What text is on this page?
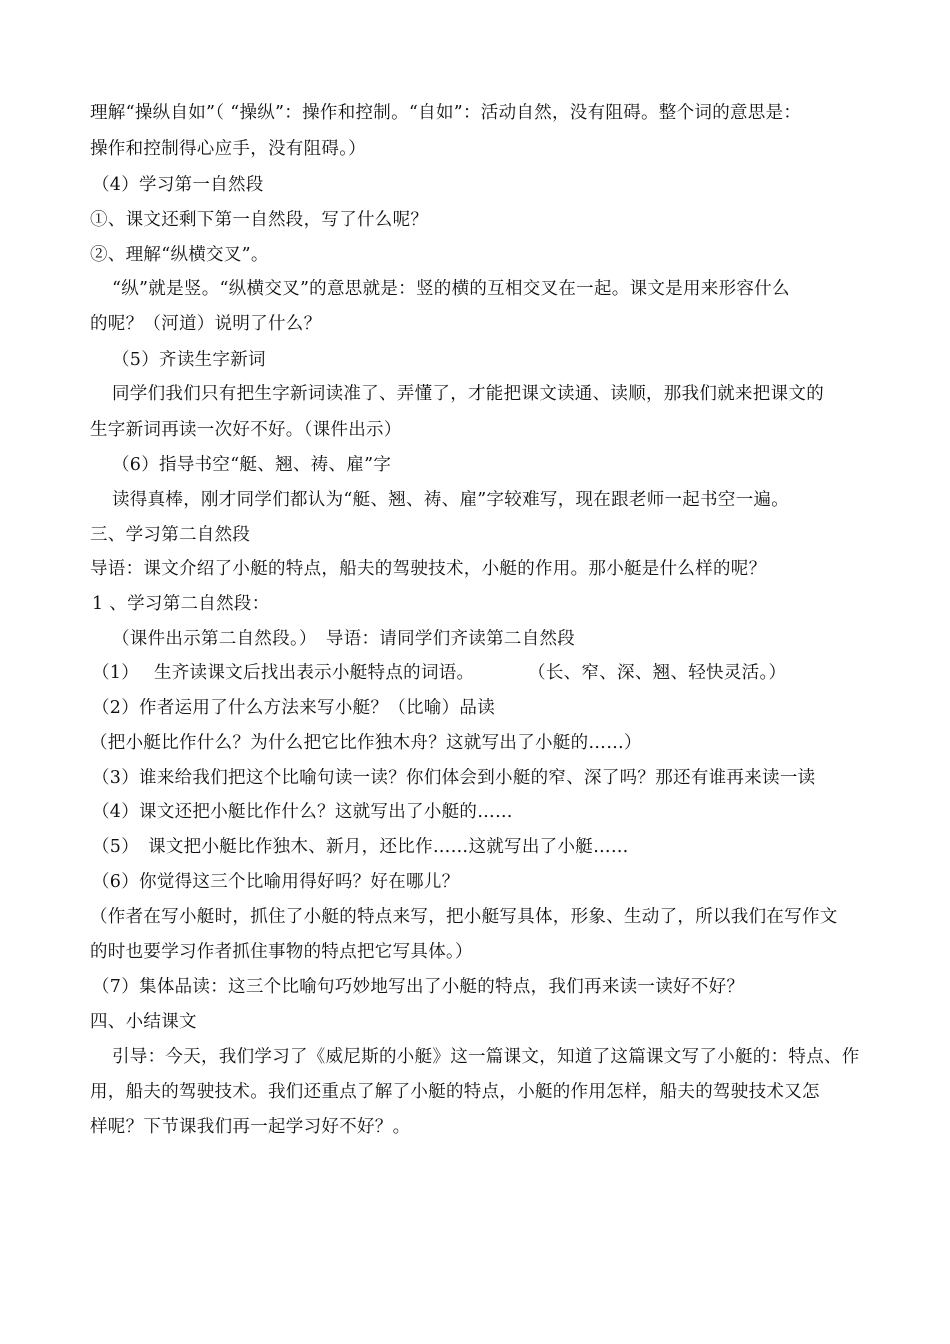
理解“操纵自如”（ “操纵”：操作和控制。“自如”：活动自然，没有阻碍。整个词的意思是：
操作和控制得心应手，没有阻碍。）
（4）学习第一自然段
①、课文还剩下第一自然段，写了什么呢？
②、理解“纵横交叉”。
“纵”就是竖。“纵横交叉”的意思就是：竖的横的互相交叉在一起。课文是用来形容什么
的呢？（河道）说明了什么？
（5）齐读生字新词
同学们我们只有把生字新词读准了、弄懂了，才能把课文读通、读顺，那我们就来把课文的
生字新词再读一次好不好。（课件出示）
（6）指导书空“艇、翘、祷、雇”字
读得真棒，刚才同学们都认为“艇、翘、祷、雇”字较难写，现在跟老师一起书空一遍。
三、学习第二自然段
导语：课文介绍了小艇的特点，船夫的驾驶技术，小艇的作用。那小艇是什么样的呢？
1 、学习第二自然段：
（课件出示第二自然段。）　导语：请同学们齐读第二自然段
（1）　 生齐读课文后找出表示小艇特点的词语。　　　　（长、窄、深、翘、轻快灵活。）
（2）作者运用了什么方法来写小艇？（比喻）品读
（把小艇比作什么？为什么把它比作独木舟？这就写出了小艇的……）
（3）谁来给我们把这个比喻句读一读？你们体会到小艇的窄、深了吗？那还有谁再来读一读
（4）课文还把小艇比作什么？这就写出了小艇的……
（5）　课文把小艇比作独木、新月，还比作……这就写出了小艇……
（6）你觉得这三个比喻用得好吗？好在哪儿？
（作者在写小艇时，抓住了小艇的特点来写，把小艇写具体，形象、生动了，所以我们在写作文
的时也要学习作者抓住事物的特点把它写具体。）
（7）集体品读：这三个比喻句巧妙地写出了小艇的特点，我们再来读一读好不好？
四、小结课文
引导：今天，我们学习了《威尼斯的小艇》这一篇课文，知道了这篇课文写了小艇的：特点、作
用，船夫的驾驶技术。我们还重点了解了小艇的特点，小艇的作用怎样，船夫的驾驶技术又怎
样呢？下节课我们再一起学习好不好？。
